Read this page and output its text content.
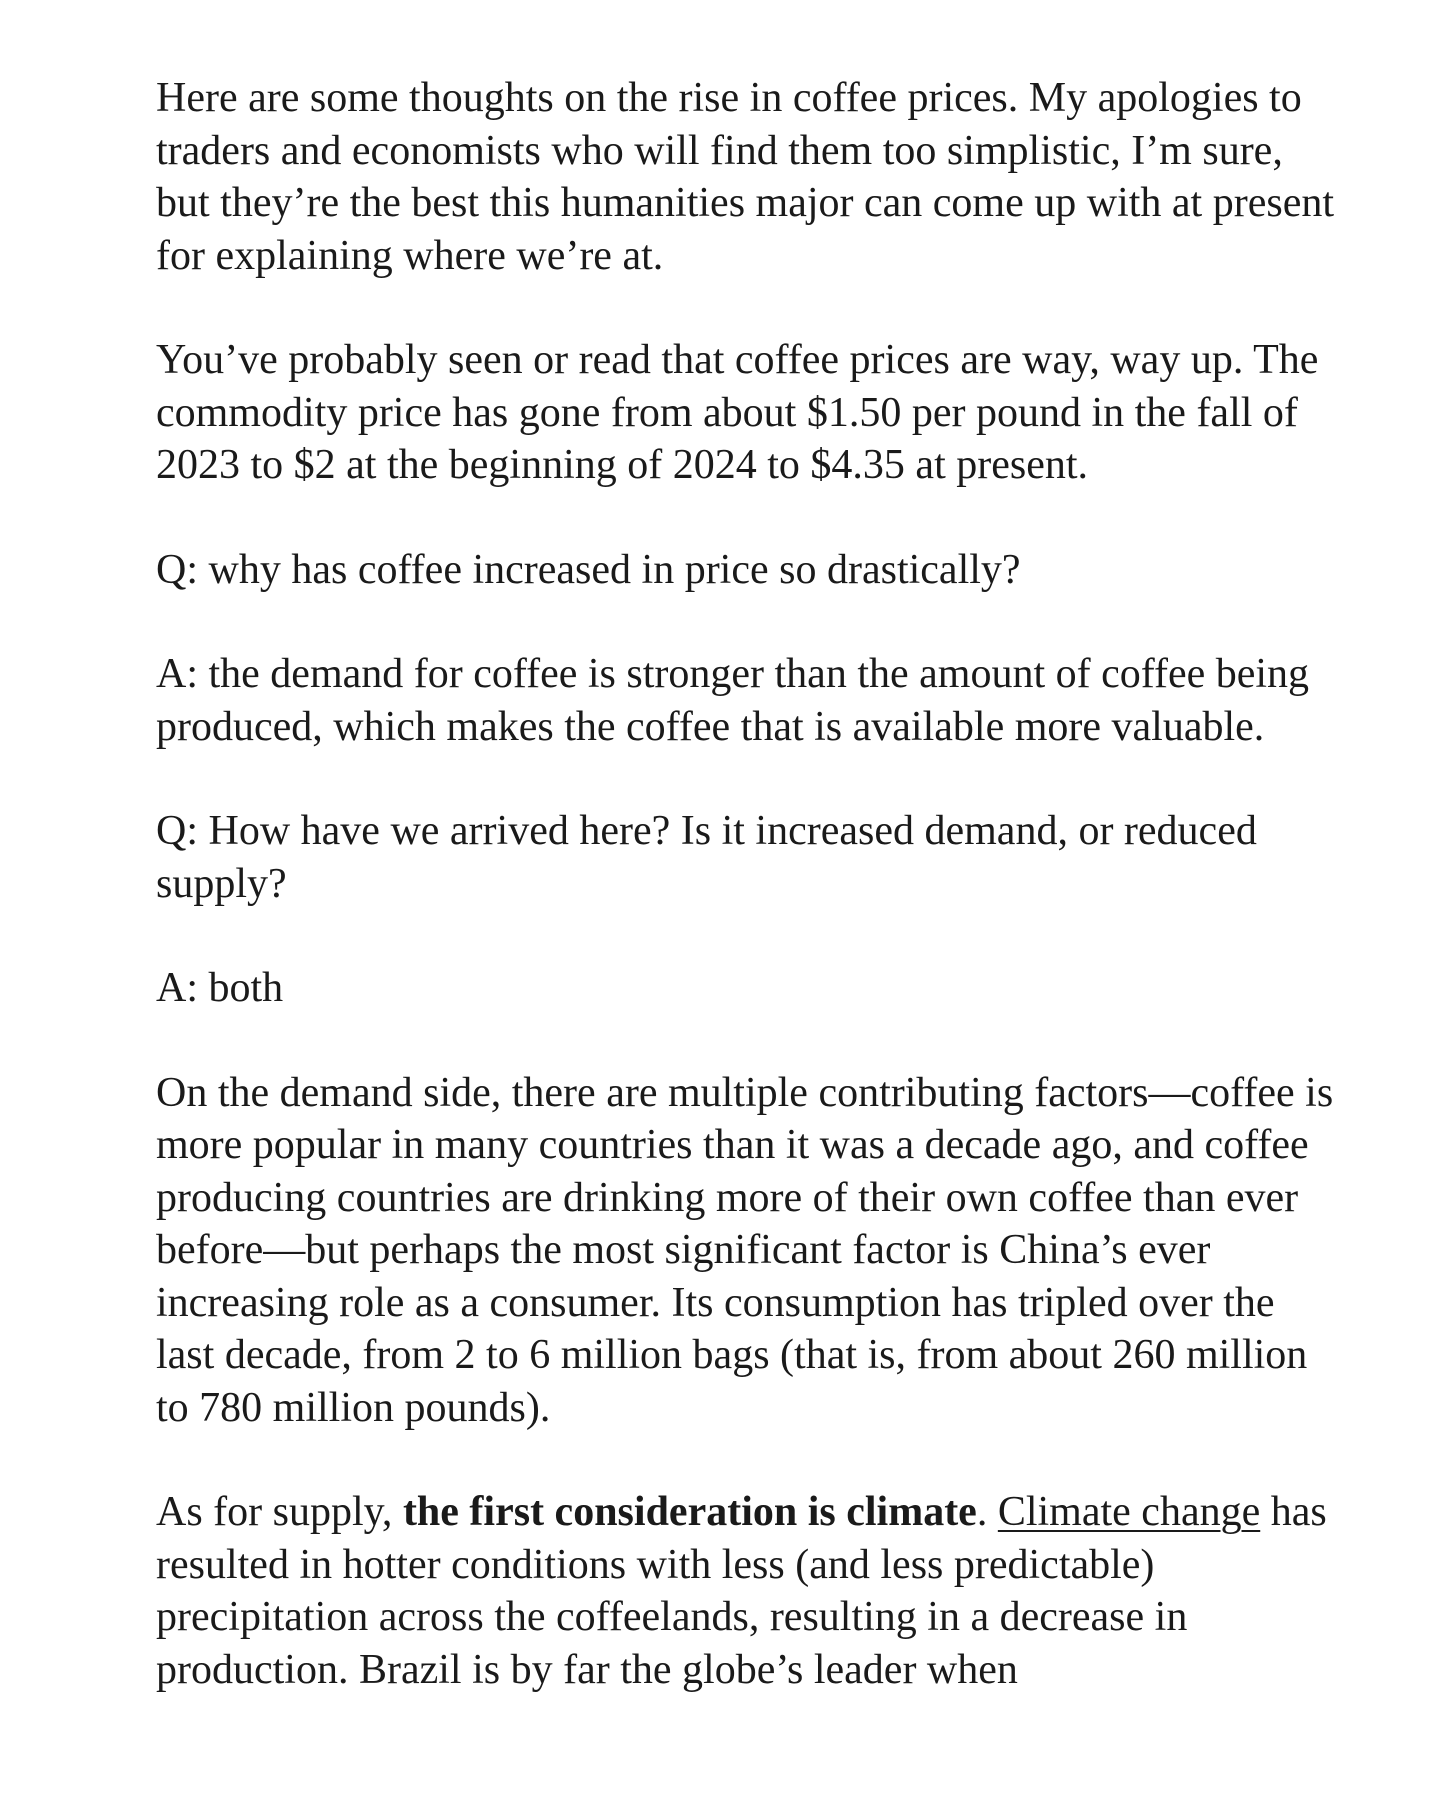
Here are some thoughts on the rise in coffee prices. My apologies to traders and economists who will find them too simplistic, I’m sure, but they’re the best this humanities major can come up with at present for explaining where we’re at.

You’ve probably seen or read that coffee prices are way, way up. The commodity price has gone from about $1.50 per pound in the fall of 2023 to $2 at the beginning of 2024 to $4.35 at present.

Q: why has coffee increased in price so drastically?

A: the demand for coffee is stronger than the amount of coffee being produced, which makes the coffee that is available more valuable.

Q: How have we arrived here? Is it increased demand, or reduced supply?

A: both

On the demand side, there are multiple contributing factors—coffee is more popular in many countries than it was a decade ago, and coffee producing countries are drinking more of their own coffee than ever before—but perhaps the most significant factor is China’s ever increasing role as a consumer. Its consumption has tripled over the last decade, from 2 to 6 million bags (that is, from about 260 million to 780 million pounds).

As for supply, the first consideration is climate. Climate change has resulted in hotter conditions with less (and less predictable) precipitation across the coffeelands, resulting in a decrease in production. Brazil is by far the globe’s leader when
